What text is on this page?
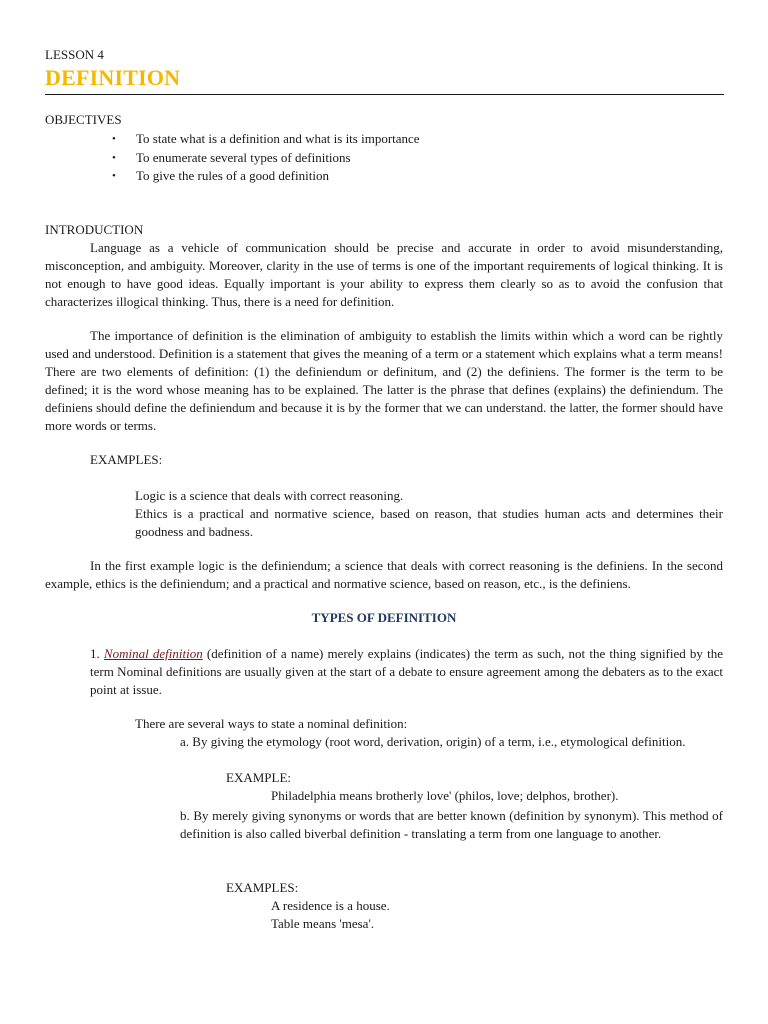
LESSON 4
DEFINITION
OBJECTIVES
• To state what is a definition and what is its importance
• To enumerate several types of definitions
• To give the rules of a good definition
INTRODUCTION
Language as a vehicle of communication should be precise and accurate in order to avoid misunderstanding, misconception, and ambiguity. Moreover, clarity in the use of terms is one of the important requirements of logical thinking. It is not enough to have good ideas. Equally important is your ability to express them clearly so as to avoid the confusion that characterizes illogical thinking. Thus, there is a need for definition.
The importance of definition is the elimination of ambiguity to establish the limits within which a word can be rightly used and understood. Definition is a statement that gives the meaning of a term or a statement which explains what a term means! There are two elements of definition: (1) the definiendum or definitum, and (2) the definiens. The former is the term to be defined; it is the word whose meaning has to be explained. The latter is the phrase that defines (explains) the definiendum. The definiens should define the definiendum and because it is by the former that we can understand. the latter, the former should have more words or terms.
EXAMPLES:
Logic is a science that deals with correct reasoning.
Ethics is a practical and normative science, based on reason, that studies human acts and determines their goodness and badness.
In the first example logic is the definiendum; a science that deals with correct reasoning is the definiens. In the second example, ethics is the definiendum; and a practical and normative science, based on reason, etc., is the definiens.
TYPES OF DEFINITION
1. Nominal definition (definition of a name) merely explains (indicates) the term as such, not the thing signified by the term Nominal definitions are usually given at the start of a debate to ensure agreement among the debaters as to the exact point at issue.
There are several ways to state a nominal definition:
a. By giving the etymology (root word, derivation, origin) of a term, i.e., etymological definition.
EXAMPLE:
Philadelphia means brotherly love' (philos, love; delphos, brother).
b. By merely giving synonyms or words that are better known (definition by synonym). This method of definition is also called biverbal definition - translating a term from one language to another.
EXAMPLES:
A residence is a house.
Table means 'mesa'.
